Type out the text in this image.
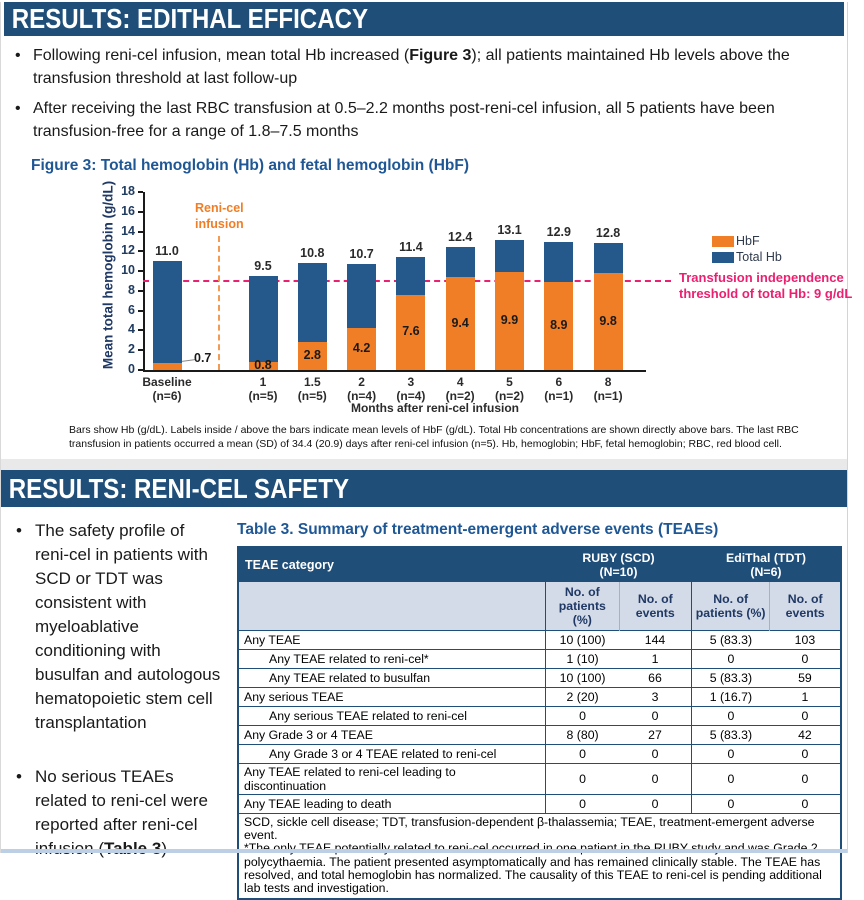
RESULTS: EDITHAL EFFICACY
• Following reni-cel infusion, mean total Hb increased (Figure 3); all patients maintained Hb levels above the transfusion threshold at last follow-up
• After receiving the last RBC transfusion at 0.5–2.2 months post-reni-cel infusion, all 5 patients have been transfusion-free for a range of 1.8–7.5 months
Figure 3: Total hemoglobin (Hb) and fetal hemoglobin (HbF)
Mean total hemoglobin (g/dL)	0
2
4
6
8
10
12
14
16
18
Transfusion independence threshold of total Hb: 9 g/dL
Reni-cel infusion
HbF
Total Hb
11.0
0.7
Baseline
(n=6)
9.5
0.8
1
(n=5)
10.8
2.8
1.5
(n=5)
10.7
4.2
2
(n=4)
11.4
7.6
3
(n=4)
12.4
9.4
4
(n=2)
13.1
9.9
5
(n=2)
12.9
8.9
6
(n=1)
12.8
9.8
8
(n=1)
Months after reni-cel infusion
Bars show Hb (g/dL). Labels inside / above the bars indicate mean levels of HbF (g/dL). Total Hb concentrations are shown directly above bars. The last RBC transfusion in patients occurred a mean (SD) of 34.4 (20.9) days after reni-cel infusion (n=5). Hb, hemoglobin; HbF, fetal hemoglobin; RBC, red blood cell.
RESULTS: RENI-CEL SAFETY
• The safety profile of reni-cel in patients with SCD or TDT was consistent with myeloablative conditioning with busulfan and autologous hematopoietic stem cell transplantation
• No serious TEAEs related to reni-cel were reported after reni-cel
Table 3. Summary of treatment-emergent adverse events (TEAEs)
TEAE category	RUBY (SCD)
(N=10)

EdiThal (TDT)
(N=6)

	No. of patients (%)	No. of events	No. of patients (%)	No. of events
Any TEAE	10 (100)	144	5 (83.3)	103
Any TEAE related to reni-cel*	1 (10)	1	0	0
Any TEAE related to busulfan	10 (100)	66	5 (83.3)	59
Any serious TEAE	2 (20)	3	1 (16.7)	1
Any serious TEAE related to reni-cel	0	0	0	0
Any Grade 3 or 4 TEAE	8 (80)	27	5 (83.3)	42
Any Grade 3 or 4 TEAE related to reni-cel	0	0	0	0
Any TEAE related to reni-cel leading to discontinuation	0	0	0	0
Any TEAE leading to death	0	0	0	0

SCD, sickle cell disease; TDT, transfusion-dependent β-thalassemia; TEAE, treatment-emergent adverse event.
polycythaemia. The patient presented asymptomatically and has remained clinically stable. The TEAE has resolved, and total hemoglobin has normalized. The causality of this TEAE to reni-cel is pending additional lab tests and investigation.				
